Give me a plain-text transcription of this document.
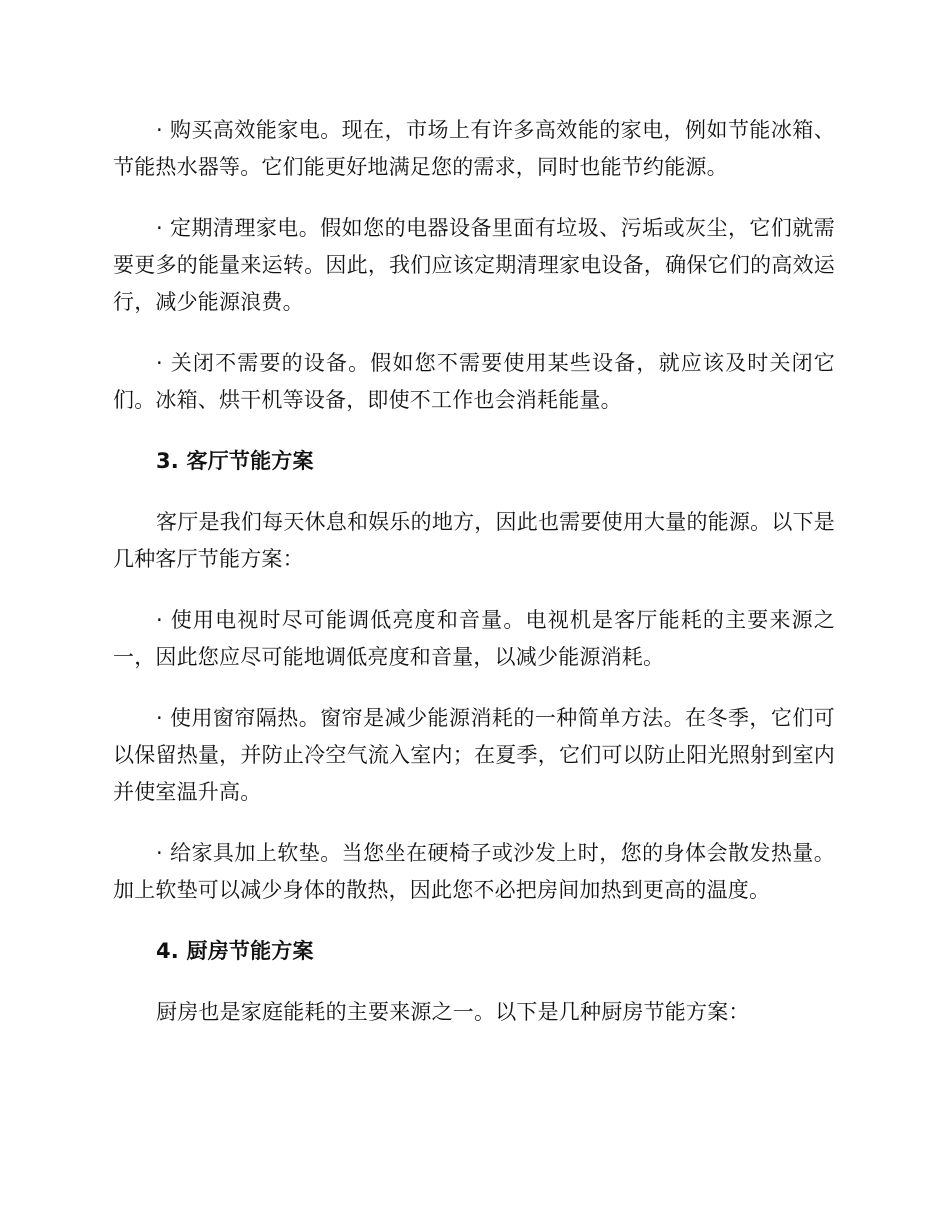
· 购买高效能家电。现在，市场上有许多高效能的家电，例如节能冰箱、节能热水器等。它们能更好地满足您的需求，同时也能节约能源。

· 定期清理家电。假如您的电器设备里面有垃圾、污垢或灰尘，它们就需要更多的能量来运转。因此，我们应该定期清理家电设备，确保它们的高效运行，减少能源浪费。

· 关闭不需要的设备。假如您不需要使用某些设备，就应该及时关闭它们。冰箱、烘干机等设备，即使不工作也会消耗能量。

3. 客厅节能方案

客厅是我们每天休息和娱乐的地方，因此也需要使用大量的能源。以下是几种客厅节能方案：

· 使用电视时尽可能调低亮度和音量。电视机是客厅能耗的主要来源之一，因此您应尽可能地调低亮度和音量，以减少能源消耗。

· 使用窗帘隔热。窗帘是减少能源消耗的一种简单方法。在冬季，它们可以保留热量，并防止冷空气流入室内；在夏季，它们可以防止阳光照射到室内并使室温升高。

· 给家具加上软垫。当您坐在硬椅子或沙发上时，您的身体会散发热量。加上软垫可以减少身体的散热，因此您不必把房间加热到更高的温度。

4. 厨房节能方案

厨房也是家庭能耗的主要来源之一。以下是几种厨房节能方案：
